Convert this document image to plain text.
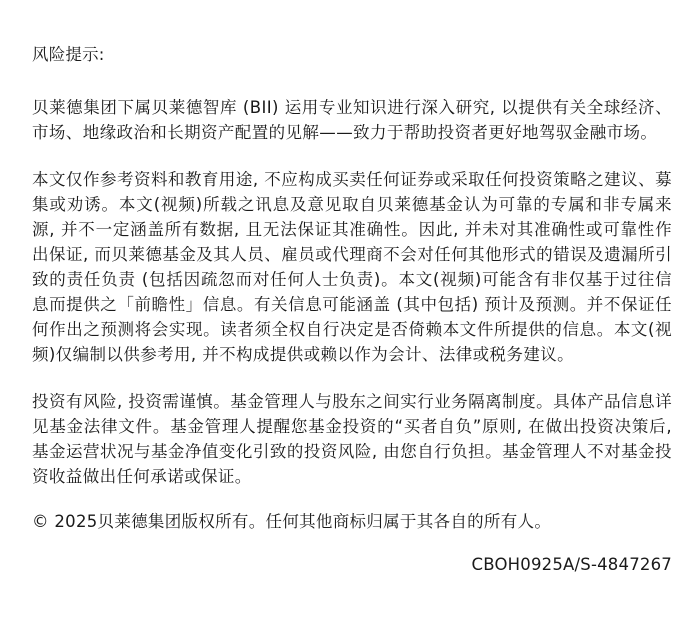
风险提示:

贝莱德集团下属贝莱德智库 (BII) 运用专业知识进行深入研究, 以提供有关全球经济、市场、地缘政治和长期资产配置的见解——致力于帮助投资者更好地驾驭金融市场。

本文仅作参考资料和教育用途, 不应构成买卖任何证券或采取任何投资策略之建议、募集或劝诱。本文(视频)所载之讯息及意见取自贝莱德基金认为可靠的专属和非专属来源, 并不一定涵盖所有数据, 且无法保证其准确性。因此, 并未对其准确性或可靠性作出保证, 而贝莱德基金及其人员、雇员或代理商不会对任何其他形式的错误及遗漏所引致的责任负责 (包括因疏忽而对任何人士负责)。本文(视频)可能含有非仅基于过往信息而提供之「前瞻性」信息。有关信息可能涵盖 (其中包括) 预计及预测。并不保证任何作出之预测将会实现。读者须全权自行决定是否倚赖本文件所提供的信息。本文(视频)仅编制以供参考用, 并不构成提供或赖以作为会计、法律或税务建议。

投资有风险, 投资需谨慎。基金管理人与股东之间实行业务隔离制度。具体产品信息详见基金法律文件。基金管理人提醒您基金投资的“买者自负”原则, 在做出投资决策后, 基金运营状况与基金净值变化引致的投资风险, 由您自行负担。基金管理人不对基金投资收益做出任何承诺或保证。

© 2025贝莱德集团版权所有。任何其他商标归属于其各自的所有人。

CBOH0925A/S-4847267
